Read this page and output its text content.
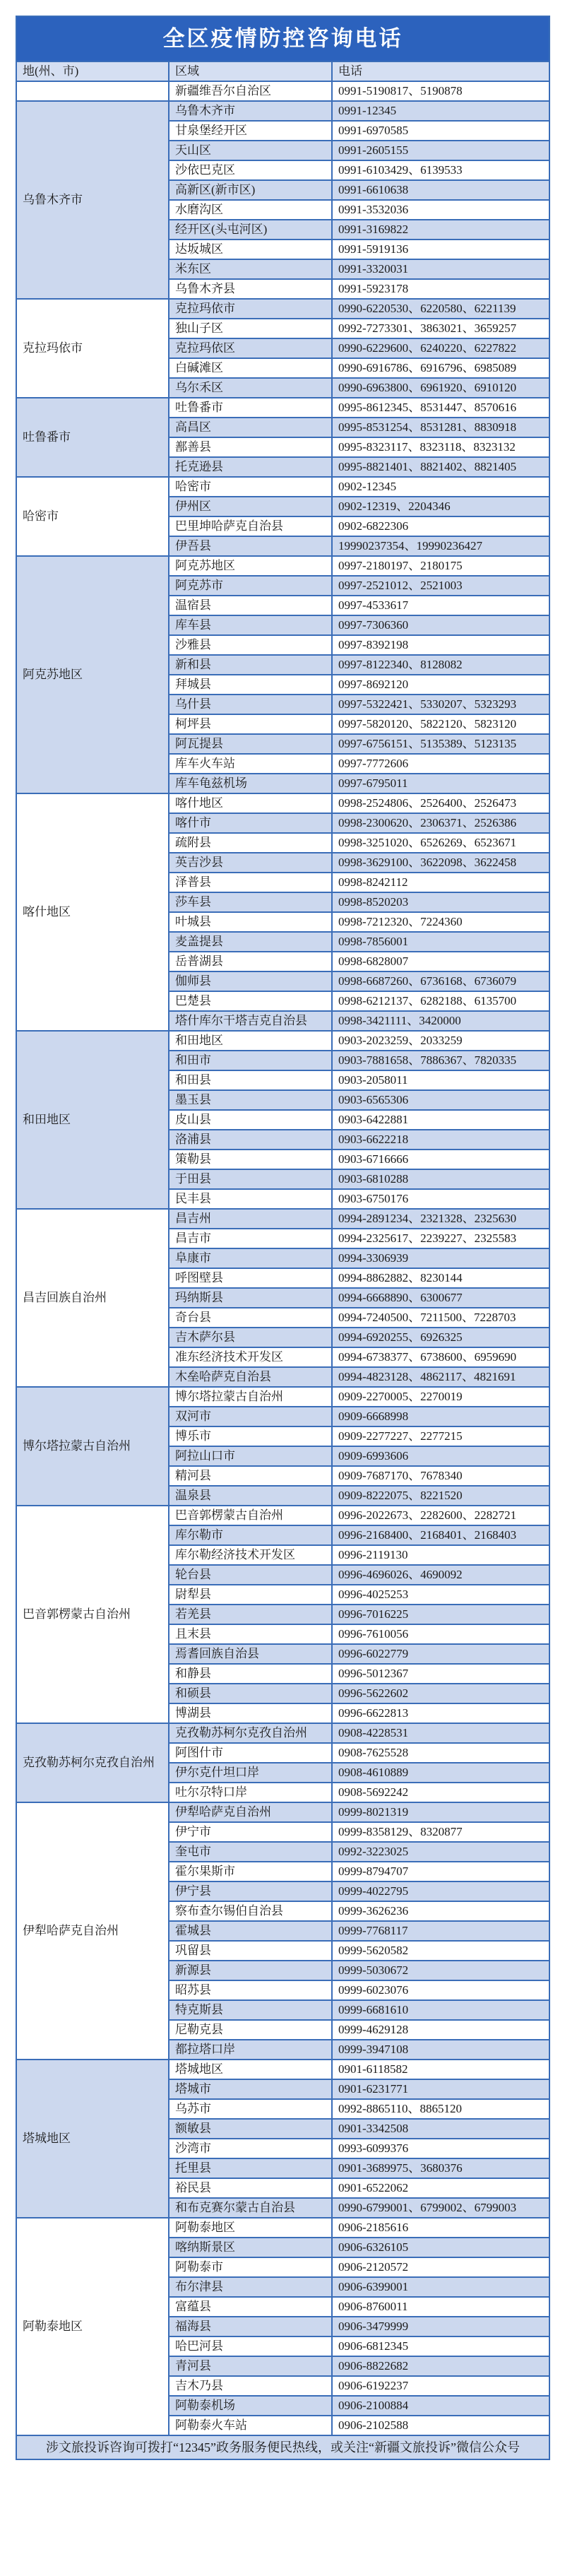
全区疫情防控咨询电话		
地(州、市)	区域	电话
	新疆维吾尔自治区	0991-5190817、5190878
乌鲁木齐市	乌鲁木齐市	0991-12345
	甘泉堡经开区	0991-6970585
	天山区	0991-2605155
	沙依巴克区	0991-6103429、6139533
	高新区(新市区)	0991-6610638
	水磨沟区	0991-3532036
	经开区(头屯河区)	0991-3169822
	达坂城区	0991-5919136
	米东区	0991-3320031
	乌鲁木齐县	0991-5923178
克拉玛依市	克拉玛依市	0990-6220530、6220580、6221139
	独山子区	0992-7273301、3863021、3659257
	克拉玛依区	0990-6229600、6240220、6227822
	白碱滩区	0990-6916786、6916796、6985089
	乌尔禾区	0990-6963800、6961920、6910120
吐鲁番市	吐鲁番市	0995-8612345、8531447、8570616
	高昌区	0995-8531254、8531281、8830918
	鄯善县	0995-8323117、8323118、8323132
	托克逊县	0995-8821401、8821402、8821405
哈密市	哈密市	0902-12345
	伊州区	0902-12319、2204346
	巴里坤哈萨克自治县	0902-6822306
	伊吾县	19990237354、19990236427
阿克苏地区	阿克苏地区	0997-2180197、2180175
	阿克苏市	0997-2521012、2521003
	温宿县	0997-4533617
	库车县	0997-7306360
	沙雅县	0997-8392198
	新和县	0997-8122340、8128082
	拜城县	0997-8692120
	乌什县	0997-5322421、5330207、5323293
	柯坪县	0997-5820120、5822120、5823120
	阿瓦提县	0997-6756151、5135389、5123135
	库车火车站	0997-7772606
	库车龟兹机场	0997-6795011
喀什地区	喀什地区	0998-2524806、2526400、2526473
	喀什市	0998-2300620、2306371、2526386
	疏附县	0998-3251020、6526269、6523671
	英吉沙县	0998-3629100、3622098、3622458
	泽普县	0998-8242112
	莎车县	0998-8520203
	叶城县	0998-7212320、7224360
	麦盖提县	0998-7856001
	岳普湖县	0998-6828007
	伽师县	0998-6687260、6736168、6736079
	巴楚县	0998-6212137、6282188、6135700
	塔什库尔干塔吉克自治县	0998-3421111、3420000
和田地区	和田地区	0903-2023259、2033259
	和田市	0903-7881658、7886367、7820335
	和田县	0903-2058011
	墨玉县	0903-6565306
	皮山县	0903-6422881
	洛浦县	0903-6622218
	策勒县	0903-6716666
	于田县	0903-6810288
	民丰县	0903-6750176
昌吉回族自治州	昌吉州	0994-2891234、2321328、2325630
	昌吉市	0994-2325617、2239227、2325583
	阜康市	0994-3306939
	呼图壁县	0994-8862882、8230144
	玛纳斯县	0994-6668890、6300677
	奇台县	0994-7240500、7211500、7228703
	吉木萨尔县	0994-6920255、6926325
	准东经济技术开发区	0994-6738377、6738600、6959690
	木垒哈萨克自治县	0994-4823128、4862117、4821691
博尔塔拉蒙古自治州	博尔塔拉蒙古自治州	0909-2270005、2270019
	双河市	0909-6668998
	博乐市	0909-2277227、2277215
	阿拉山口市	0909-6993606
	精河县	0909-7687170、7678340
	温泉县	0909-8222075、8221520
巴音郭楞蒙古自治州	巴音郭楞蒙古自治州	0996-2022673、2282600、2282721
	库尔勒市	0996-2168400、2168401、2168403
	库尔勒经济技术开发区	0996-2119130
	轮台县	0996-4696026、4690092
	尉犁县	0996-4025253
	若羌县	0996-7016225
	且末县	0996-7610056
	焉耆回族自治县	0996-6022779
	和静县	0996-5012367
	和硕县	0996-5622602
	博湖县	0996-6622813
克孜勒苏柯尔克孜自治州	克孜勒苏柯尔克孜自治州	0908-4228531
	阿图什市	0908-7625528
	伊尔克什坦口岸	0908-4610889
	吐尔尕特口岸	0908-5692242
伊犁哈萨克自治州	伊犁哈萨克自治州	0999-8021319
	伊宁市	0999-8358129、8320877
	奎屯市	0992-3223025
	霍尔果斯市	0999-8794707
	伊宁县	0999-4022795
	察布查尔锡伯自治县	0999-3626236
	霍城县	0999-7768117
	巩留县	0999-5620582
	新源县	0999-5030672
	昭苏县	0999-6023076
	特克斯县	0999-6681610
	尼勒克县	0999-4629128
	都拉塔口岸	0999-3947108
塔城地区	塔城地区	0901-6118582
	塔城市	0901-6231771
	乌苏市	0992-8865110、8865120
	额敏县	0901-3342508
	沙湾市	0993-6099376
	托里县	0901-3689975、3680376
	裕民县	0901-6522062
	和布克赛尔蒙古自治县	0990-6799001、6799002、6799003
阿勒泰地区	阿勒泰地区	0906-2185616
	喀纳斯景区	0906-6326105
	阿勒泰市	0906-2120572
	布尔津县	0906-6399001
	富蕴县	0906-8760011
	福海县	0906-3479999
	哈巴河县	0906-6812345
	青河县	0906-8822682
	吉木乃县	0906-6192237
	阿勒泰机场	0906-2100884
	阿勒泰火车站	0906-2102588
涉文旅投诉咨询可拨打“12345”政务服务便民热线，或关注“新疆文旅投诉”微信公众号		
